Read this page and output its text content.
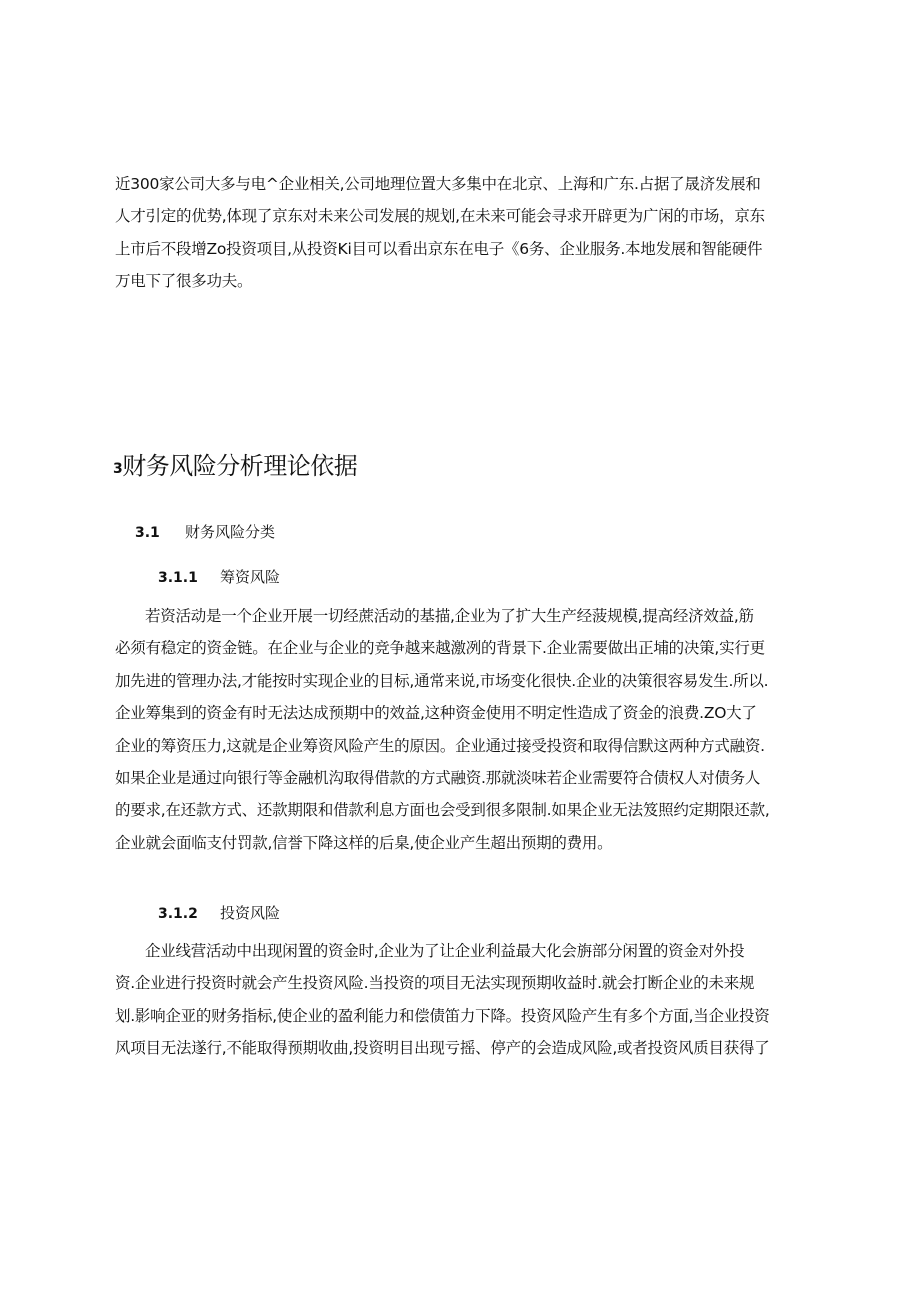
近300家公司大多与电^企业相关,公司地理位置大多集中在北京、上海和广东.占据了晟济发展和
人才引定的优势,体现了京东对未来公司发展的规划,在未来可能会寻求开辟更为广闲的市场，京东
上市后不段增Zo投资项目,从投资Ki目可以看出京东在电子《6务、企业服务.本地发展和智能硬件
万电下了很多功夫。

3财务风险分析理论依据
3.1 财务风险分类
3.1.1 筹资风险

若资活动是一个企业开展一切经蔗活动的基描,企业为了扩大生产经菠规模,提高经济效益,筋
必须有稳定的资金链。在企业与企业的竞争越来越激冽的背景下.企业需要做出正埔的决策,实行更
加先进的管理办法,才能按时实现企业的目标,通常来说,市场变化很快.企业的决策很容易发生.所以.
企业筹集到的资金有时无法达成预期中的效益,这种资金使用不明定性造成了资金的浪费.ZO大了
企业的筹资压力,这就是企业筹资风险产生的原因。企业通过接受投资和取得信默这两种方式融资.
如果企业是通过向银行等金融机沟取得借款的方式融资.那就淡味若企业需要符合债权人对债务人
的要求,在还款方式、还款期限和借款利息方面也会受到很多限制.如果企业无法笈照约定期限还款,
企业就会面临支付罚款,信誉下降这样的后臬,使企业产生超出预期的费用。

3.1.2 投资风险

企业线营活动中出现闲置的资金时,企业为了让企业利益最大化会旃部分闲置的资金对外投
资.企业进行投资时就会产生投资风险.当投资的项目无法实现预期收益时.就会打断企业的未来规
划.影响企亚的财务指标,使企业的盈利能力和偿债笛力下降。投资风险产生有多个方面,当企业投资
风项目无法遂行,不能取得预期收曲,投资明目出现亏摇、停产的会造成风险,或者投资风质目获得了
